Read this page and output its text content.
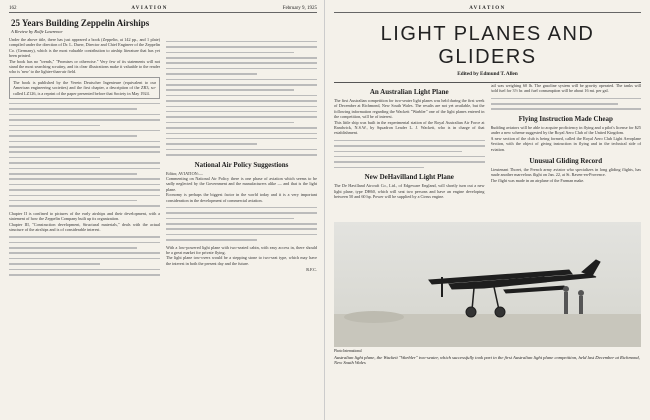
162	AVIATION	February 9, 1925
25 Years Building Zeppelin Airships
A Review by Rolfe Lawrence

Under the above title, there has just appeared a book (Zeppelin, at 142 pp., and 1 plate) compiled under the direction of Dr. L. Duerr, Director and Chief Engineer of the Zeppelin Co. (Germany), which is the most valuable contribution to airship literature that has yet been printed.

The book has no "trends," "Promises or otherwise." Very few of its statements will not stand the most searching scrutiny, and its clear illustrations make it valuable to the reader who is 'new' to the lighter-than-air field.

The book is published by the Verein Deutscher Ingenieure (equivalent to our American engineering societies) and the first chapter, a description of the ZR3, so-called LZ126, is a reprint of the paper presented before that Society in May 1924.

Chapter II is confined to pictures of the early airships and their development, with a statement of how the Zeppelin Company built up its organization.

Chapter III, "Construction development, Structural materials," deals with the actual structure of the airships and is of considerable interest.

National Air Policy Suggestions

Editor, AVIATION:—

Commenting on National Air Policy there is one phase of aviation which seems to be sadly neglected by the Government and the manufacturers alike — and that is the light plane.

Economy is perhaps the biggest factor in the world today and it is a very important consideration in the development of commercial aviation.

With a low-powered light plane with two-seated cabin, with easy access in, there should be a great market for private flying.

The light plane tow-overs would be a stepping stone to two-seat type, which may have the interest in both the present day and the future.

R.F.C.

AVIATION
LIGHT PLANES AND GLIDERS
Edited by Edmund T. Allen
An Australian Light Plane

The first Australian competition for two-seater light planes was held during the first week of December at Richmond, New South Wales. The results are not yet available, but the following information regarding the Wackett "Warbler" one of the light planes entered in the competition, will be of interest.

This little ship was built in the experimental station of the Royal Australian Air Force at Randwick, N.S.W., by Squadron Leader L. J. Wackett, who is in charge of that establishment.

New DeHavilland Light Plane

The De Havilland Aircraft Co., Ltd., of Edgeware England, will shortly turn out a new light plane, type DH60, which will seat two persons and have an engine developing between 50 and 60 hp. Power will be supplied by a Cirrus engine.

tail was weighing 60 lb. The gasoline system will be gravity operated. The tanks will hold fuel for 3½ hr. and fuel consumption will be about 16 mi. per gal.

Flying Instruction Made Cheap

Budding aviators will be able to acquire proficiency in flying and a pilot's license for $25 under a new scheme suggested by the Royal Aero Club of the United Kingdom.

A new section of the club is being formed, called the Royal Aero Club Light Aeroplane Section, with the object of giving instruction in flying and in the technical side of aviation.

Unusual Gliding Record

Lieutenant Thoret, the French army aviator who specializes in long gliding flights, has made another marvelous flight on Jan. 22, at St. Raven-en-Provence.

The flight was made in an airplane of the Farman make.

Photo International
Australian light plane, the Wackett "Warbler" two-seater, which successfully took part in the first Australian light plane competition, held last December at Richmond, New South Wales
